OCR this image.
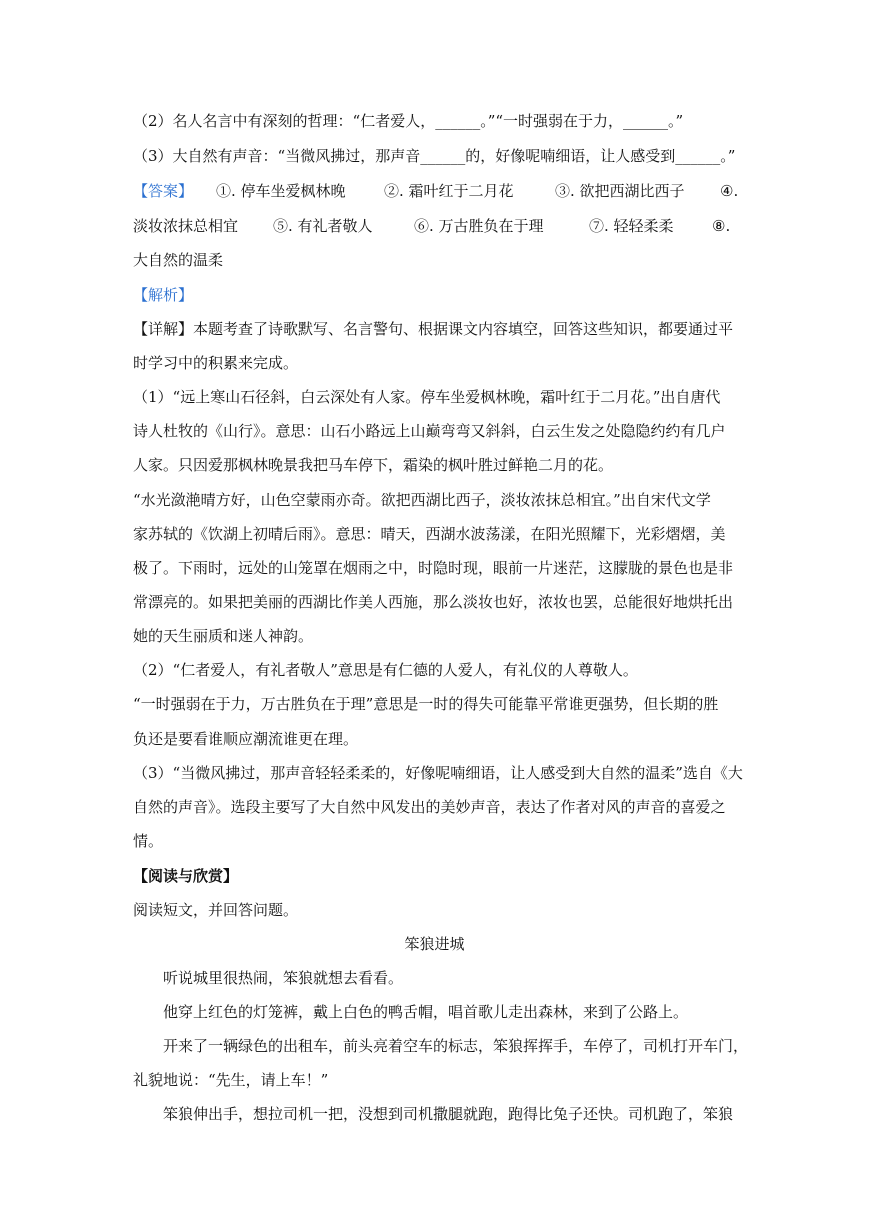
（2）名人名言中有深刻的哲理：“仁者爱人，______。”“一时强弱在于力，______。”
（3）大自然有声音：“当微风拂过，那声音______的，好像呢喃细语，让人感受到______。”
【答案】	①. 停车坐爱枫林晚	②. 霜叶红于二月花	③. 欲把西湖比西子 ④.
淡妆浓抹总相宜 ⑤. 有礼者敬人	⑥. 万古胜负在于理	⑦. 轻轻柔柔	⑧.
大自然的温柔
【解析】
【详解】本题考查了诗歌默写、名言警句、根据课文内容填空，回答这些知识，都要通过平
时学习中的积累来完成。
（1）“远上寒山石径斜，白云深处有人家。停车坐爱枫林晚，霜叶红于二月花。”出自唐代
诗人杜牧的《山行》。意思：山石小路远上山巅弯弯又斜斜，白云生发之处隐隐约约有几户
人家。只因爱那枫林晚景我把马车停下，霜染的枫叶胜过鲜艳二月的花。
“水光潋滟晴方好，山色空蒙雨亦奇。欲把西湖比西子，淡妆浓抹总相宜。”出自宋代文学
家苏轼的《饮湖上初晴后雨》。意思：晴天，西湖水波荡漾，在阳光照耀下，光彩熠熠，美
极了。下雨时，远处的山笼罩在烟雨之中，时隐时现，眼前一片迷茫，这朦胧的景色也是非
常漂亮的。如果把美丽的西湖比作美人西施，那么淡妆也好，浓妆也罢，总能很好地烘托出
她的天生丽质和迷人神韵。
（2）“仁者爱人，有礼者敬人”意思是有仁德的人爱人，有礼仪的人尊敬人。
“一时强弱在于力，万古胜负在于理”意思是一时的得失可能靠平常谁更强势，但长期的胜
负还是要看谁顺应潮流谁更在理。
（3）“当微风拂过，那声音轻轻柔柔的，好像呢喃细语，让人感受到大自然的温柔”选自《大
自然的声音》。选段主要写了大自然中风发出的美妙声音，表达了作者对风的声音的喜爱之
情。
【阅读与欣赏】
阅读短文，并回答问题。
笨狼进城
听说城里很热闹，笨狼就想去看看。
他穿上红色的灯笼裤，戴上白色的鸭舌帽，唱首歌儿走出森林，来到了公路上。
开来了一辆绿色的出租车，前头亮着空车的标志，笨狼挥挥手，车停了，司机打开车门，
礼貌地说：“先生，请上车！”
笨狼伸出手，想拉司机一把，没想到司机撒腿就跑，跑得比兔子还快。司机跑了，笨狼
